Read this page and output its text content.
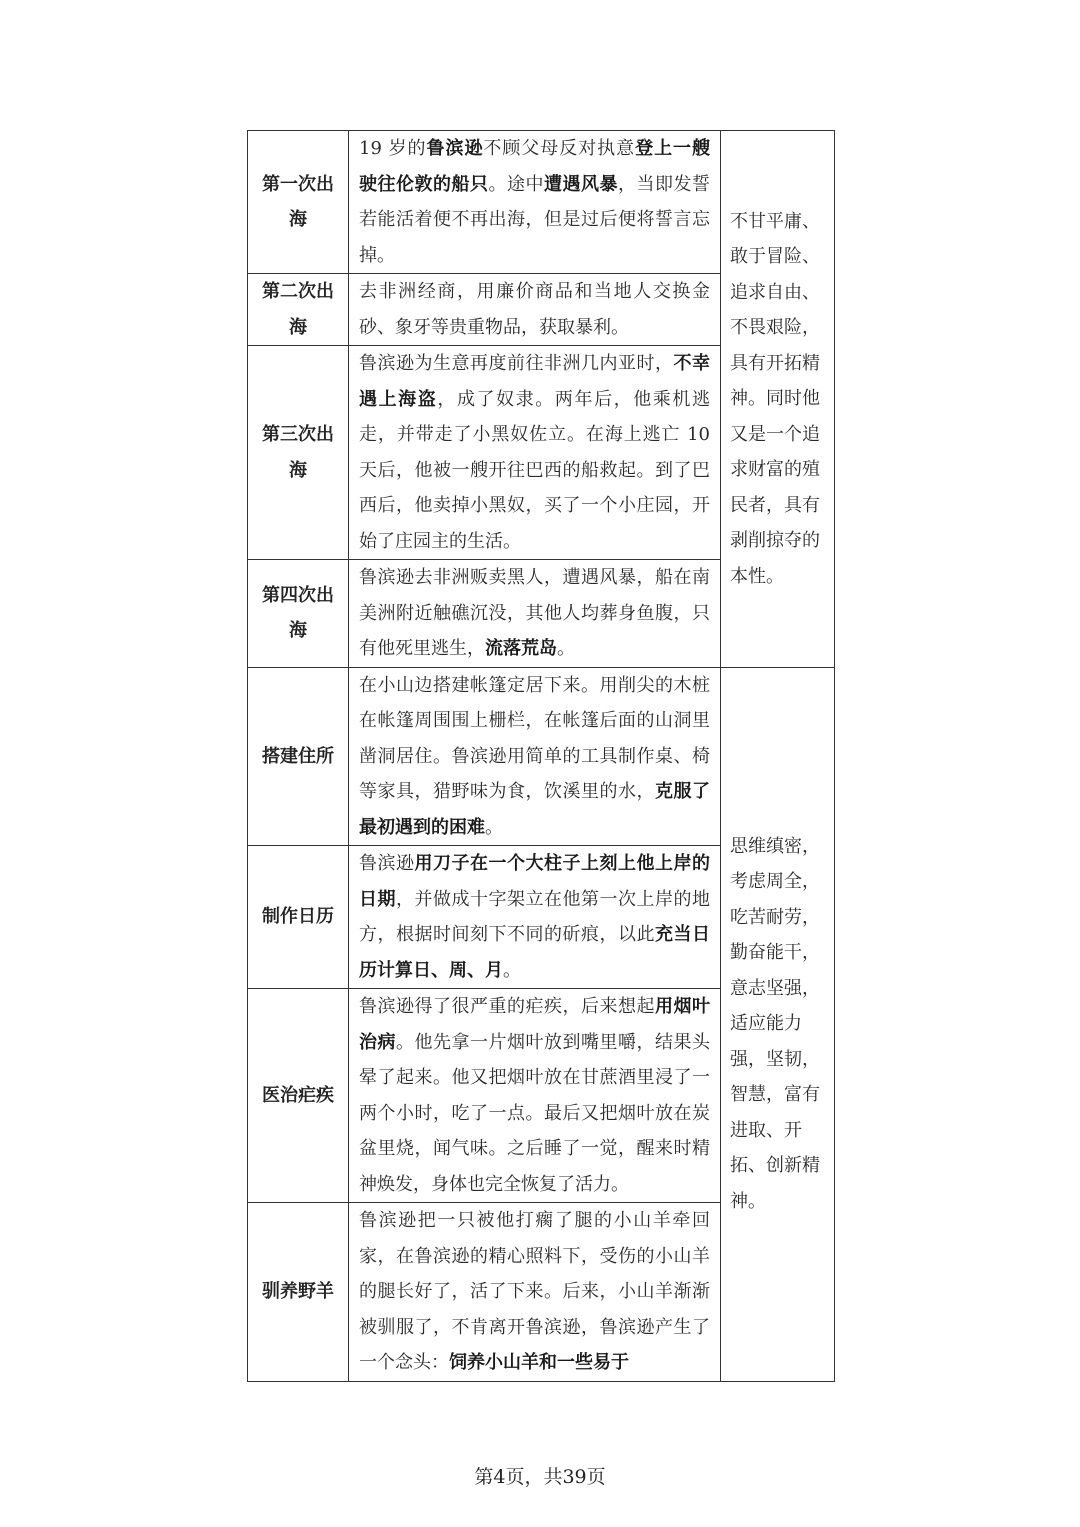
第一次出海	19 岁的鲁滨逊不顾父母反对执意登上一艘驶往伦敦的船只。途中遭遇风暴，当即发誓若能活着便不再出海，但是过后便将誓言忘掉。	不甘平庸、敢于冒险、追求自由、不畏艰险，具有开拓精神。同时他又是一个追求财富的殖民者，具有剥削掠夺的本性。
第二次出海	去非洲经商，用廉价商品和当地人交换金砂、象牙等贵重物品，获取暴利。	
第三次出海	鲁滨逊为生意再度前往非洲几内亚时，不幸遇上海盗，成了奴隶。两年后，他乘机逃走，并带走了小黑奴佐立。在海上逃亡 10 天后，他被一艘开往巴西的船救起。到了巴西后，他卖掉小黑奴，买了一个小庄园，开始了庄园主的生活。	
第四次出海	鲁滨逊去非洲贩卖黑人，遭遇风暴，船在南美洲附近触礁沉没，其他人均葬身鱼腹，只有他死里逃生，流落荒岛。	
搭建住所	在小山边搭建帐篷定居下来。用削尖的木桩在帐篷周围围上栅栏，在帐篷后面的山洞里凿洞居住。鲁滨逊用简单的工具制作桌、椅等家具，猎野味为食，饮溪里的水，克服了最初遇到的困难。	思维缜密，考虑周全，吃苦耐劳，勤奋能干，意志坚强，适应能力强，坚韧，智慧，富有进取、开拓、创新精神。
制作日历	鲁滨逊用刀子在一个大柱子上刻上他上岸的日期，并做成十字架立在他第一次上岸的地方，根据时间刻下不同的斫痕，以此充当日历计算日、周、月。	
医治疟疾	鲁滨逊得了很严重的疟疾，后来想起用烟叶治病。他先拿一片烟叶放到嘴里嚼，结果头晕了起来。他又把烟叶放在甘蔗酒里浸了一两个小时，吃了一点。最后又把烟叶放在炭盆里烧，闻气味。之后睡了一觉，醒来时精神焕发，身体也完全恢复了活力。	
驯养野羊	鲁滨逊把一只被他打瘸了腿的小山羊牵回家，在鲁滨逊的精心照料下，受伤的小山羊的腿长好了，活了下来。后来，小山羊渐渐被驯服了，不肯离开鲁滨逊，鲁滨逊产生了一个念头：饲养小山羊和一些易于	
第4页，共39页
